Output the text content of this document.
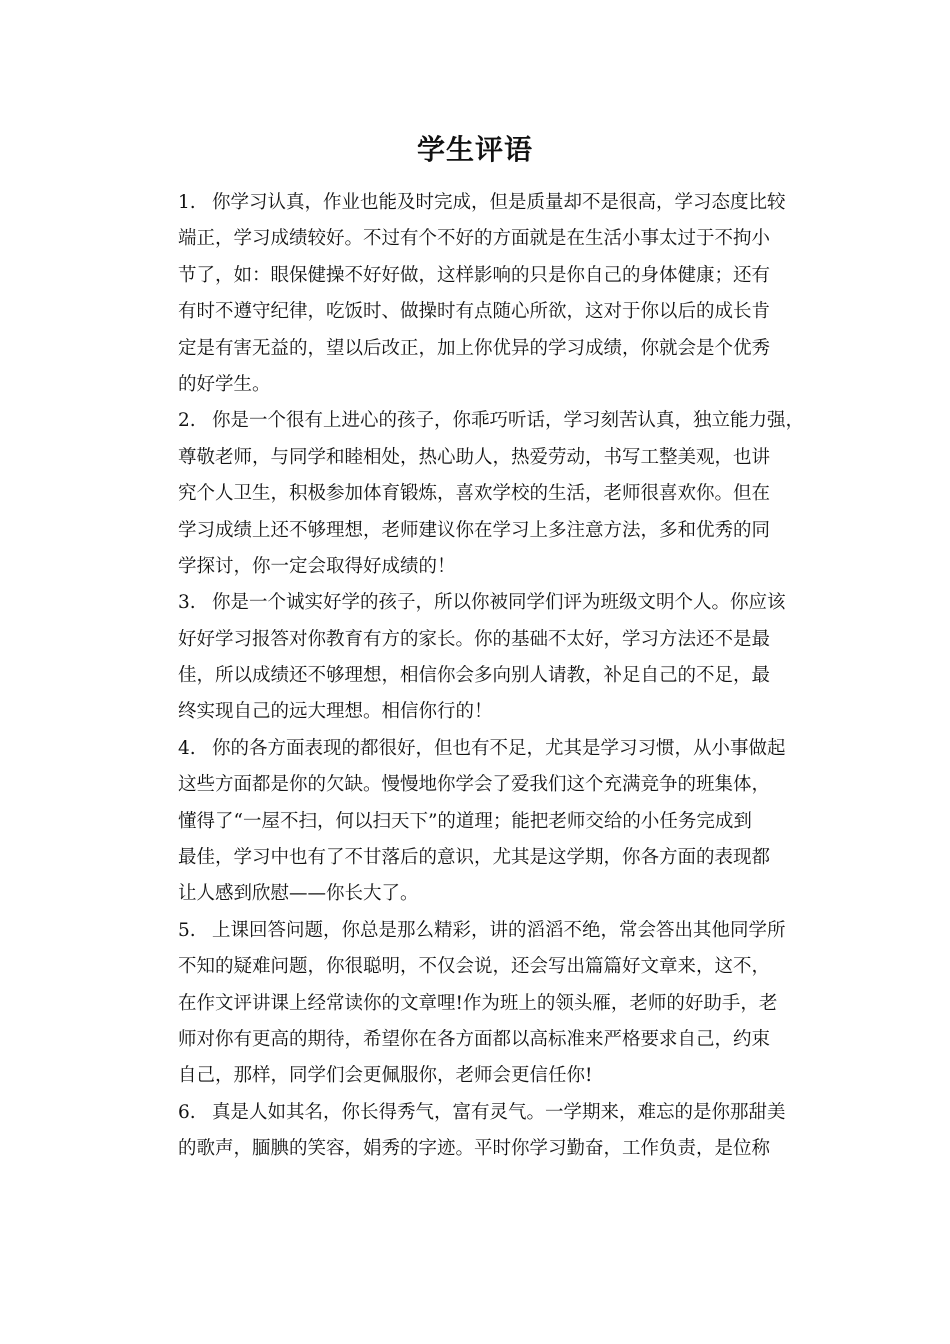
学生评语
1. 你学习认真，作业也能及时完成，但是质量却不是很高，学习态度比较
端正，学习成绩较好。不过有个不好的方面就是在生活小事太过于不拘小
节了，如：眼保健操不好好做，这样影响的只是你自己的身体健康；还有
有时不遵守纪律，吃饭时、做操时有点随心所欲，这对于你以后的成长肯
定是有害无益的，望以后改正，加上你优异的学习成绩，你就会是个优秀
的好学生。
2. 你是一个很有上进心的孩子，你乖巧听话，学习刻苦认真，独立能力强，
尊敬老师，与同学和睦相处，热心助人，热爱劳动，书写工整美观，也讲
究个人卫生，积极参加体育锻炼，喜欢学校的生活，老师很喜欢你。但在
学习成绩上还不够理想，老师建议你在学习上多注意方法，多和优秀的同
学探讨，你一定会取得好成绩的！
3. 你是一个诚实好学的孩子，所以你被同学们评为班级文明个人。你应该
好好学习报答对你教育有方的家长。你的基础不太好，学习方法还不是最
佳，所以成绩还不够理想，相信你会多向别人请教，补足自己的不足，最
终实现自己的远大理想。相信你行的！
4. 你的各方面表现的都很好，但也有不足，尤其是学习习惯，从小事做起
这些方面都是你的欠缺。慢慢地你学会了爱我们这个充满竞争的班集体，
懂得了“一屋不扫，何以扫天下”的道理；能把老师交给的小任务完成到
最佳，学习中也有了不甘落后的意识，尤其是这学期，你各方面的表现都
让人感到欣慰——你长大了。
5. 上课回答问题，你总是那么精彩，讲的滔滔不绝，常会答出其他同学所
不知的疑难问题，你很聪明，不仅会说，还会写出篇篇好文章来，这不，
在作文评讲课上经常读你的文章哩!作为班上的领头雁，老师的好助手，老
师对你有更高的期待，希望你在各方面都以高标准来严格要求自己，约束
自己，那样，同学们会更佩服你，老师会更信任你!
6. 真是人如其名，你长得秀气，富有灵气。一学期来，难忘的是你那甜美
的歌声，腼腆的笑容，娟秀的字迹。平时你学习勤奋，工作负责，是位称
